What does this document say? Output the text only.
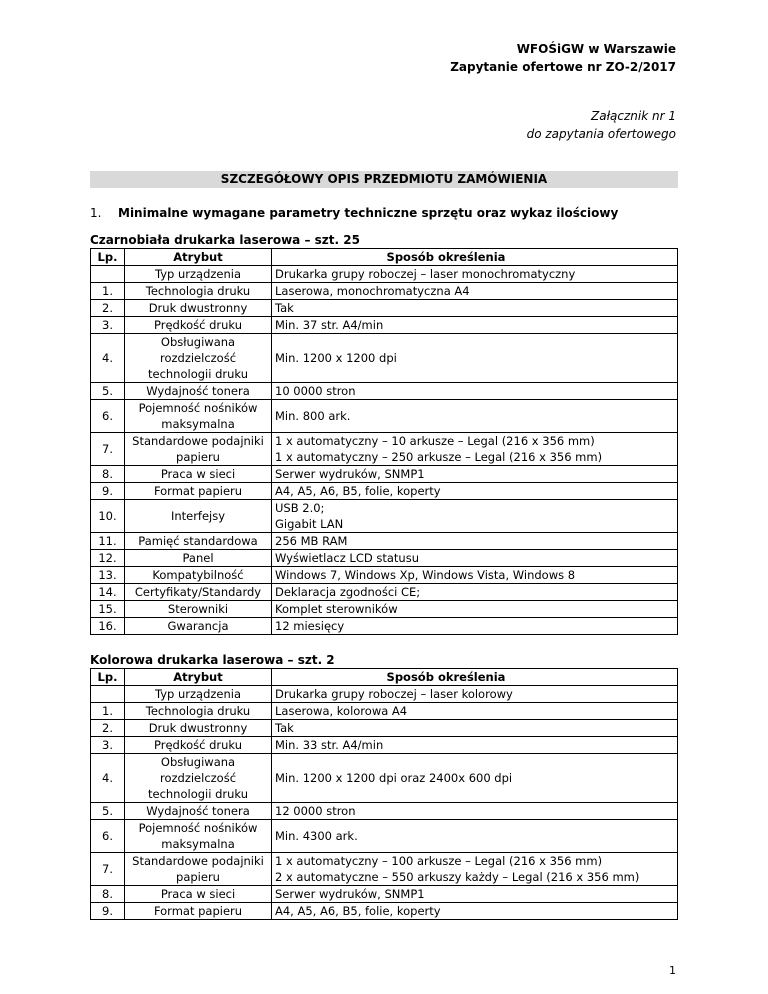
WFOŚiGW w Warszawie
Zapytanie ofertowe nr ZO-2/2017
Załącznik nr 1
do zapytania ofertowego
SZCZEGÓŁOWY OPIS PRZEDMIOTU ZAMÓWIENIA
1. Minimalne wymagane parametry techniczne sprzętu oraz wykaz ilościowy
Czarnobiała drukarka laserowa – szt. 25
Lp.	Atrybut	Sposób określenia
	Typ urządzenia	Drukarka grupy roboczej – laser monochromatyczny

1.	Technologia druku	Laserowa, monochromatyczna A4

2.	Druk dwustronny	Tak

3.	Prędkość druku	Min. 37 str. A4/min

4.	Obsługiwana rozdzielczość technologii druku	Min. 1200 x 1200 dpi

5.	Wydajność tonera	10 0000 stron

6.	Pojemność nośników maksymalna	Min. 800 ark.

7.	Standardowe podajniki papieru	1 x automatyczny – 10 arkusze – Legal (216 x 356 mm)
1 x automatyczny – 250 arkusze – Legal (216 x 356 mm)

8.	Praca w sieci	Serwer wydruków, SNMP1

9.	Format papieru	A4, A5, A6, B5, folie, koperty

10.	Interfejsy	USB 2.0;
Gigabit LAN

11.	Pamięć standardowa	256 MB RAM

12.	Panel	Wyświetlacz LCD statusu

13.	Kompatybilność	Windows 7, Windows Xp, Windows Vista, Windows 8

14.	Certyfikaty/Standardy	Deklaracja zgodności CE;

15.	Sterowniki	Komplet sterowników

16.	Gwarancja	12 miesięcy
Kolorowa drukarka laserowa – szt. 2
Lp.	Atrybut	Sposób określenia
	Typ urządzenia	Drukarka grupy roboczej – laser kolorowy

1.	Technologia druku	Laserowa, kolorowa A4

2.	Druk dwustronny	Tak

3.	Prędkość druku	Min. 33 str. A4/min

4.	Obsługiwana rozdzielczość technologii druku	Min. 1200 x 1200 dpi oraz 2400x 600 dpi

5.	Wydajność tonera	12 0000 stron

6.	Pojemność nośników maksymalna	Min. 4300 ark.

7.	Standardowe podajniki papieru	1 x automatyczny – 100 arkusze – Legal (216 x 356 mm)
2 x automatyczne – 550 arkuszy każdy – Legal (216 x 356 mm)

8.	Praca w sieci	Serwer wydruków, SNMP1

9.	Format papieru	A4, A5, A6, B5, folie, koperty
1
